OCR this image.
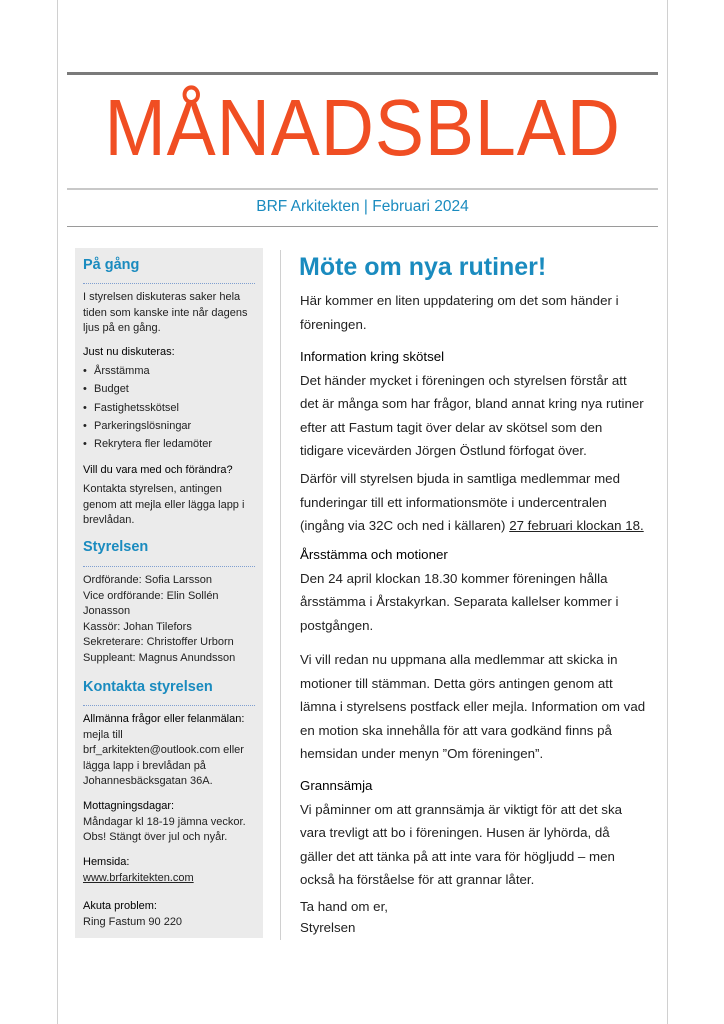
MÅNADSBLAD
BRF Arkitekten | Februari 2024
På gång
I styrelsen diskuteras saker hela
tiden som kanske inte når dagens
ljus på en gång.
Just nu diskuteras:
• Årsstämma
• Budget
• Fastighetsskötsel
• Parkeringslösningar
• Rekrytera fler ledamöter
Vill du vara med och förändra?
Kontakta styrelsen, antingen
genom att mejla eller lägga lapp i
brevlådan.
Styrelsen
Ordförande: Sofia Larsson
Vice ordförande: Elin Sollén
Jonasson
Kassör: Johan Tilefors
Sekreterare: Christoffer Urborn
Suppleant: Magnus Anundsson
Kontakta styrelsen
Allmänna frågor eller felanmälan:
mejla till
brf_arkitekten@outlook.com eller
lägga lapp i brevlådan på
Johannesbäcksgatan 36A.
Mottagningsdagar:
Måndagar kl 18-19 jämna veckor.
Obs! Stängt över jul och nyår.
Hemsida:
www.brfarkitekten.com
Akuta problem:
Ring Fastum 90 220
Möte om nya rutiner!
Här kommer en liten uppdatering om det som händer i
föreningen.
Information kring skötsel
Det händer mycket i föreningen och styrelsen förstår att
det är många som har frågor, bland annat kring nya rutiner
efter att Fastum tagit över delar av skötsel som den
tidigare vicevärden Jörgen Östlund förfogat över.
Därför vill styrelsen bjuda in samtliga medlemmar med
funderingar till ett informationsmöte i undercentralen
(ingång via 32C och ned i källaren) 27 februari klockan 18.
Årsstämma och motioner
Den 24 april klockan 18.30 kommer föreningen hålla
årsstämma i Årstakyrkan. Separata kallelser kommer i
postgången.
Vi vill redan nu uppmana alla medlemmar att skicka in
motioner till stämman. Detta görs antingen genom att
lämna i styrelsens postfack eller mejla. Information om vad
en motion ska innehålla för att vara godkänd finns på
hemsidan under menyn ”Om föreningen”.
Grannsämja
Vi påminner om att grannsämja är viktigt för att det ska
vara trevligt att bo i föreningen. Husen är lyhörda, då
gäller det att tänka på att inte vara för högljudd – men
också ha förståelse för att grannar låter.
Ta hand om er,
Styrelsen
